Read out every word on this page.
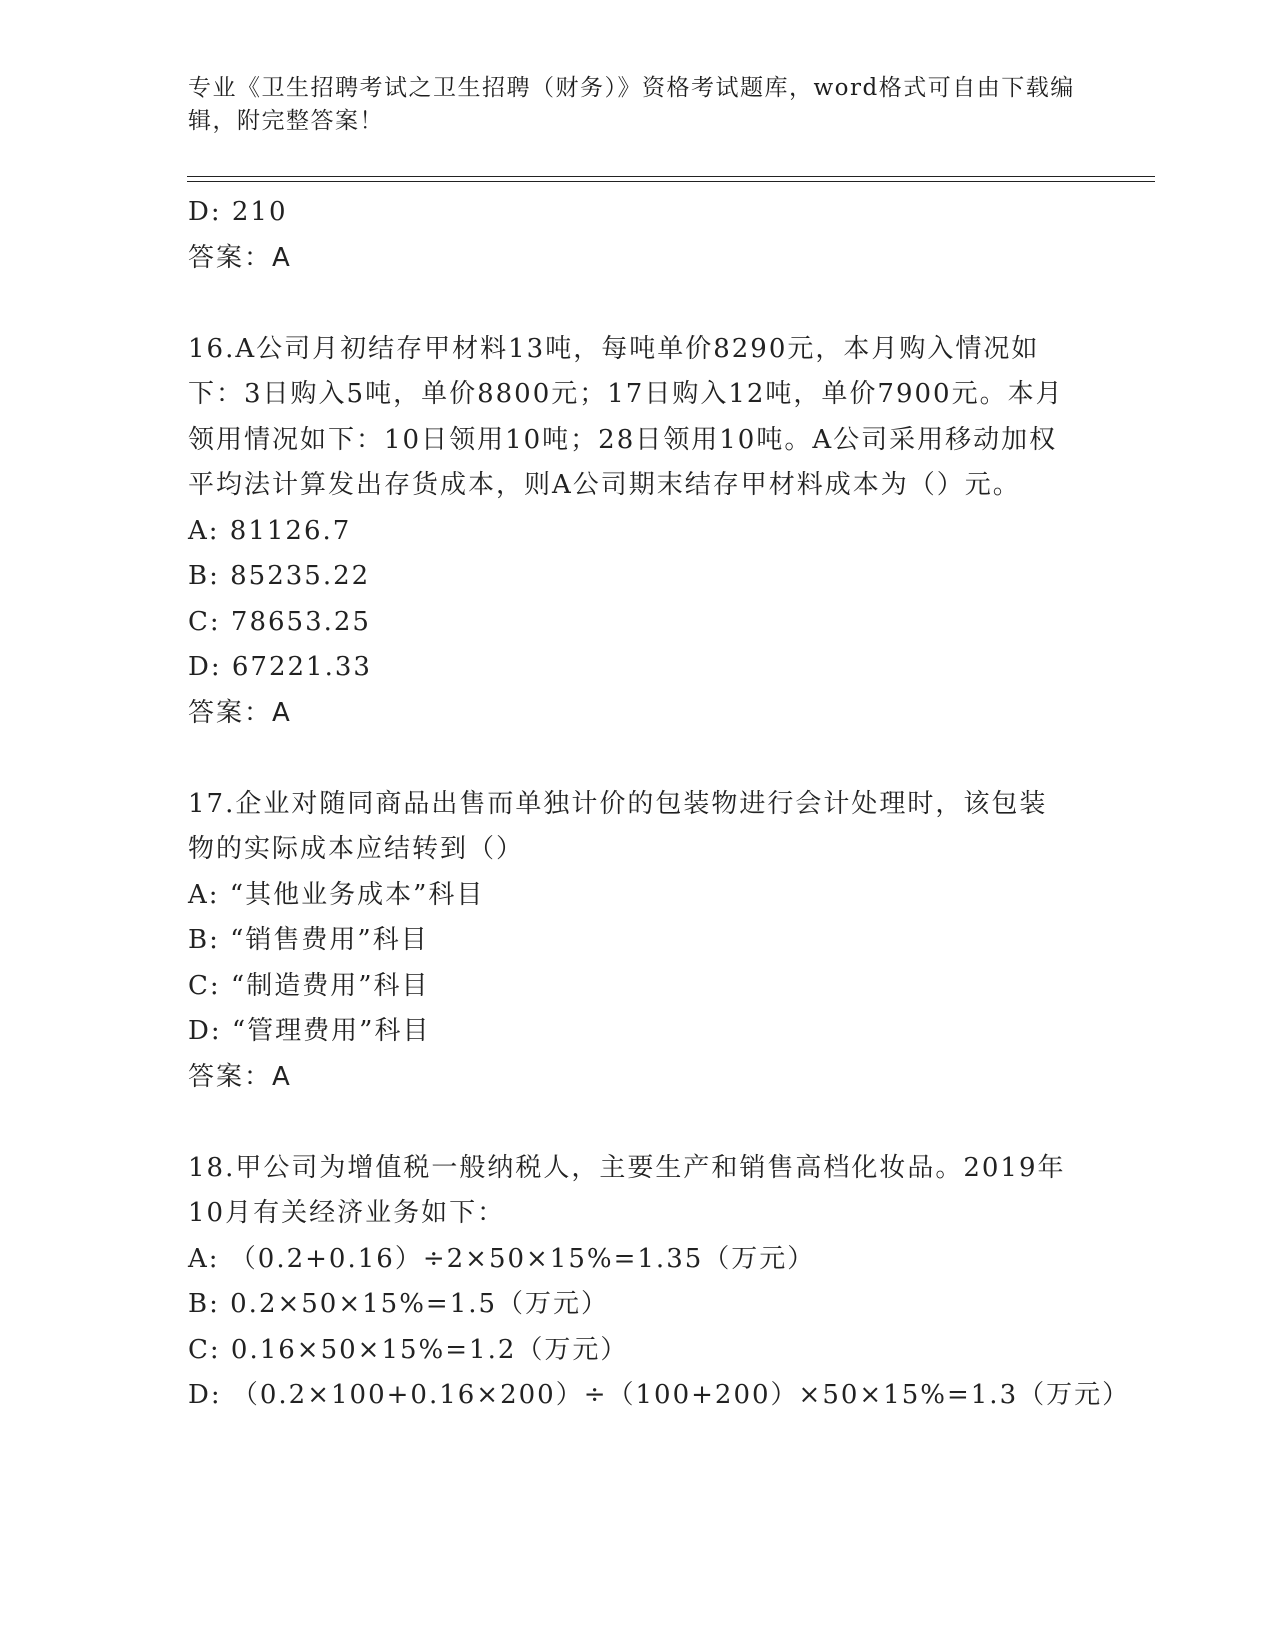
专业《卫生招聘考试之卫生招聘（财务）》资格考试题库，word格式可自由下载编辑，附完整答案！
D: 210
答案：A
16.A公司月初结存甲材料13吨，每吨单价8290元，本月购入情况如下：3日购入5吨，单价8800元；17日购入12吨，单价7900元。本月领用情况如下：10日领用10吨；28日领用10吨。A公司采用移动加权平均法计算发出存货成本，则A公司期末结存甲材料成本为（）元。
A: 81126.7
B: 85235.22
C: 78653.25
D: 67221.33
答案：A
17.企业对随同商品出售而单独计价的包装物进行会计处理时，该包装物的实际成本应结转到（）
A: “其他业务成本”科目
B: “销售费用”科目
C: “制造费用”科目
D: “管理费用”科目
答案：A
18.甲公司为增值税一般纳税人，主要生产和销售高档化妆品。2019年10月有关经济业务如下：
A: （0.2+0.16）÷2×50×15%=1.35（万元）
B: 0.2×50×15%=1.5（万元）
C: 0.16×50×15%=1.2（万元）
D: （0.2×100+0.16×200）÷（100+200）×50×15%=1.3（万元）
